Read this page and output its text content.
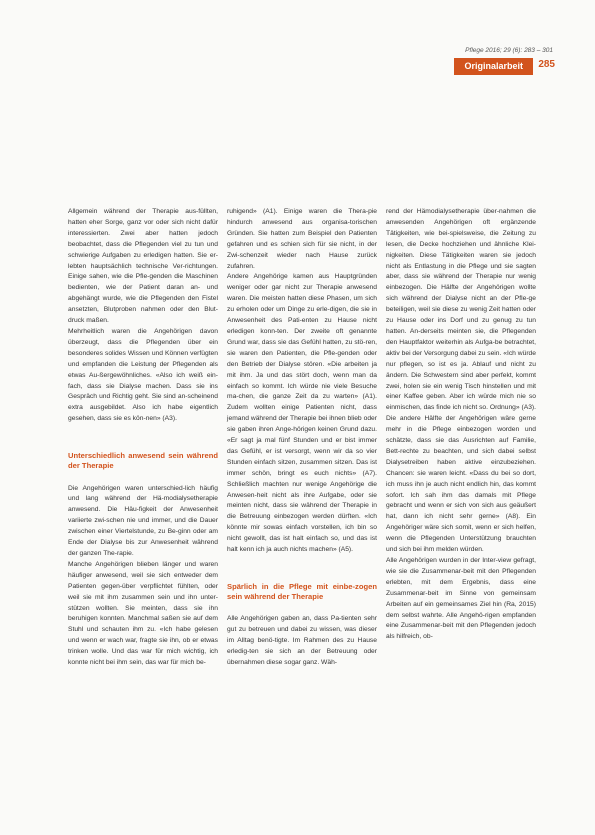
Pflege 2016; 29 (6): 283 – 301
Originalarbeit	285

Allgemein während der Therapie aus-füllten, hatten eher Sorge, ganz vor oder sich nicht dafür interessierten. Zwei aber hatten jedoch beobachtet, dass die Pflegenden viel zu tun und schwierige Aufgaben zu erledigen hatten. Sie er-lebten hauptsächlich technische Ver-richtungen. Einige sahen, wie die Pfle-genden die Maschinen bedienten, wie der Patient daran an- und abgehängt wurde, wie die Pflegenden den Fistel ansetzten, Blutproben nahmen oder den Blut-druck maßen.

Mehrheitlich waren die Angehörigen davon überzeugt, dass die Pflegenden über ein besonderes solides Wissen und Können verfügten und empfanden die Leistung der Pflegenden als etwas Au-ßergewöhnliches. «Also ich weiß ein-fach, dass sie Dialyse machen. Dass sie ins Gespräch und Richtig geht. Sie sind an-scheinend extra ausgebildet. Also ich habe eigentlich gesehen, dass sie es kön-nen» (A3).

Unterschiedlich anwesend sein während der Therapie

Die Angehörigen waren unterschied-lich häufig und lang während der Hä-modialysetherapie anwesend. Die Häu-figkeit der Anwesenheit variierte zwi-schen nie und immer, und die Dauer zwischen einer Viertelstunde, zu Be-ginn oder am Ende der Dialyse bis zur Anwesenheit während der ganzen The-rapie.

Manche Angehörigen blieben länger und waren häufiger anwesend, weil sie sich entweder dem Patienten gegen-über verpflichtet fühlten, oder weil sie mit ihm zusammen sein und ihn unter-stützen wollten. Sie meinten, dass sie ihn beruhigen konnten. Manchmal saßen sie auf dem Stuhl und schauten ihm zu. «Ich habe gelesen und wenn er wach war, fragte sie ihn, ob er etwas trinken wolle. Und das war für mich wichtig, ich konnte nicht bei ihm sein, das war für mich be-

ruhigend» (A1). Einige waren die Thera-pie hindurch anwesend aus organisa-torischen Gründen. Sie hatten zum Beispiel den Patienten gefahren und es schien sich für sie nicht, in der Zwi-schenzeit wieder nach Hause zurück zufahren.

Andere Angehörige kamen aus Hauptgründen weniger oder gar nicht zur Therapie anwesend waren. Die meisten hatten diese Phasen, um sich zu erholen oder um Dinge zu erle-digen, die sie in Anwesenheit des Pati-enten zu Hause nicht erledigen konn-ten. Der zweite oft genannte Grund war, dass sie das Gefühl hatten, zu stö-ren, sie waren den Patienten, die Pfle-genden oder den Betrieb der Dialyse stören. «Die arbeiten ja mit ihm. Ja und das stört doch, wenn man da einfach so kommt. Ich würde nie viele Besuche ma-chen, die ganze Zeit da zu warten» (A1). Zudem wollten einige Patienten nicht, dass jemand während der Therapie bei ihnen blieb oder sie gaben ihren Ange-hörigen keinen Grund dazu. «Er sagt ja mal fünf Stunden und er bist immer das Gefühl, er ist versorgt, wenn wir da so vier Stunden einfach sitzen, zusammen sitzen. Das ist immer schön, bringt es euch nichts» (A7). Schließlich machten nur wenige Angehörige die Anwesen-heit nicht als ihre Aufgabe, oder sie meinten nicht, dass sie während der Therapie in die Betreuung einbezogen werden dürften. «Ich könnte mir sowas einfach vorstellen, ich bin so nicht gewollt, das ist halt einfach so, und das ist halt kenn ich ja auch nichts machen» (A5).

Spärlich in die Pflege mit einbe-zogen sein während der Therapie

Alle Angehörigen gaben an, dass Pa-tienten sehr gut zu betreuen und dabei zu wissen, was dieser im Alltag benö-tigte. Im Rahmen des zu Hause erledig-ten sie sich an der Betreuung oder übernahmen diese sogar ganz. Wäh-

rend der Hämodialysetherapie über-nahmen die anwesenden Angehörigen oft ergänzende Tätigkeiten, wie bei-spielsweise, die Zeitung zu lesen, die Decke hochziehen und ähnliche Klei-nigkeiten. Diese Tätigkeiten waren sie jedoch nicht als Entlastung in die Pflege und sie sagten aber, dass sie während der Therapie nur wenig einbezogen. Die Hälfte der Angehörigen wollte sich während der Dialyse nicht an der Pfle-ge beteiligen, weil sie diese zu wenig Zeit hatten oder zu Hause oder ins Dorf und zu genug zu tun hatten. An-derseits meinten sie, die Pflegenden den Hauptfaktor weiterhin als Aufga-be betrachtet, aktiv bei der Versorgung dabei zu sein. «Ich würde nur pflegen, so ist es ja. Ablauf und nicht zu ändern. Die Schwestern sind aber perfekt, kommt zwei, holen sie ein wenig Tisch hinstellen und mit einer Kaffee geben. Aber ich würde mich nie so einmischen, das finde ich nicht so. Ordnung» (A3). Die andere Hälfte der Angehörigen wäre gerne mehr in die Pflege einbezogen worden und schätzte, dass sie das Ausrichten auf Familie, Bett-rechte zu beachten, und sich dabei selbst Dialysetreiben haben aktive einzubeziehen. Chancen: sie waren leicht. «Dass du bei so dort, ich muss ihn je auch nicht endlich hin, das kommt sofort. Ich sah ihm das damals mit Pflege gebracht und wenn er sich von sich aus geäußert hat, dann ich nicht sehr gerne» (A8). Ein Angehöriger wäre sich somit, wenn er sich helfen, wenn die Pflegenden Unterstützung brauchten und sich bei ihm melden würden.

Alle Angehörigen wurden in der Inter-view gefragt, wie sie die Zusammenar-beit mit den Pflegenden erlebten, mit dem Ergebnis, dass eine Zusammenar-beit im Sinne von gemeinsam Arbeiten auf ein gemeinsames Ziel hin (Ra, 2015) dem selbst wahrte. Alle Angehö-rigen empfanden eine Zusammenar-beit mit den Pflegenden jedoch als hilfreich, ob-
